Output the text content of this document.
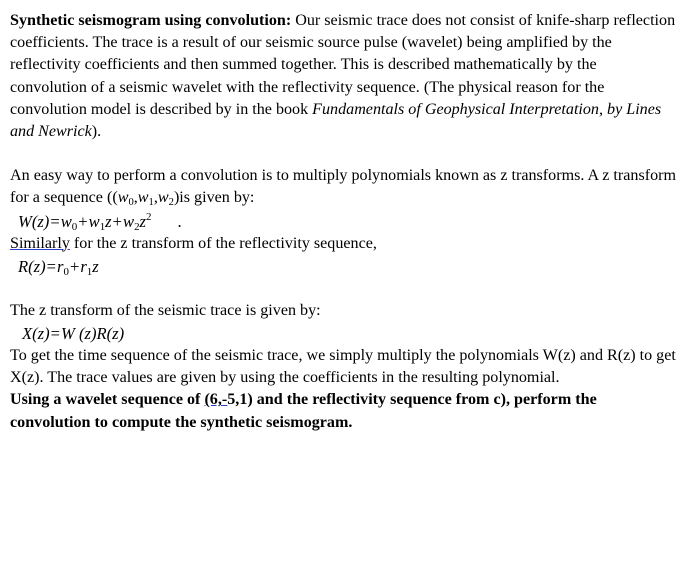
Synthetic seismogram using convolution: Our seismic trace does not consist of knife-sharp reflection coefficients. The trace is a result of our seismic source pulse (wavelet) being amplified by the reflectivity coefficients and then summed together. This is described mathematically by the convolution of a seismic wavelet with the reflectivity sequence. (The physical reason for the convolution model is described by in the book Fundamentals of Geophysical Interpretation, by Lines and Newrick).

An easy way to perform a convolution is to multiply polynomials known as z transforms. A z transform for a sequence ($(w_0,w_1,w_2)is$ given by:

$W(z)=w_0+w_1z+w_2z^2$ .

Similarly for the z transform of the reflectivity sequence,

$R(z)=r_0+r_1z$

The z transform of the seismic trace is given by:

X(z)=W (z)R(z)

To get the time sequence of the seismic trace, we simply multiply the polynomials W(z) and R(z) to get X(z). The trace values are given by using the coefficients in the resulting polynomial.

Using a wavelet sequence of (6,-5,1) and the reflectivity sequence from c), perform the convolution to compute the synthetic seismogram.
